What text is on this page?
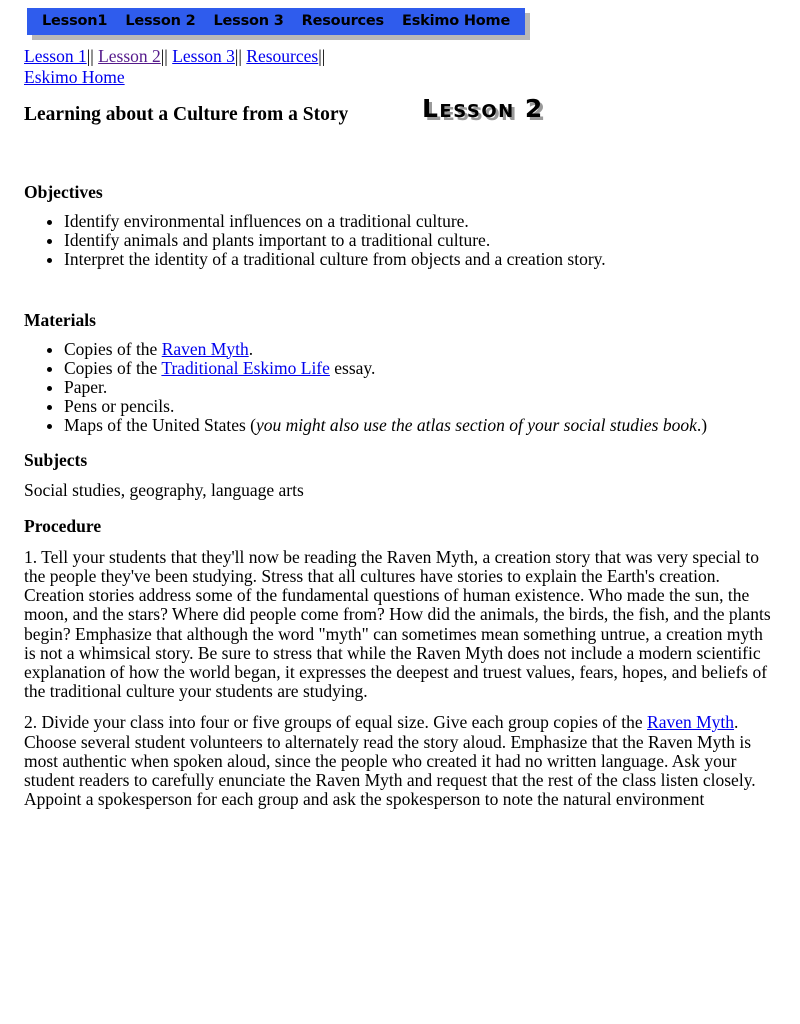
Lesson1	Lesson 2	Lesson 3	Resources	Eskimo Home
Lesson 1|| Lesson 2|| Lesson 3|| Resources|| Eskimo Home
Lesson 2
Learning about a Culture from a Story
Objectives
• Identify environmental influences on a traditional culture.
• Identify animals and plants important to a traditional culture.
• Interpret the identity of a traditional culture from objects and a creation story.
Materials
• Copies of the Raven Myth.
• Copies of the Traditional Eskimo Life essay.
• Paper.
• Pens or pencils.
• Maps of the United States (you might also use the atlas section of your social studies book.)
Subjects

Social studies, geography, language arts

Procedure

1. Tell your students that they'll now be reading the Raven Myth, a creation story that was very special to the people they've been studying. Stress that all cultures have stories to explain the Earth's creation. Creation stories address some of the fundamental questions of human existence. Who made the sun, the moon, and the stars? Where did people come from? How did the animals, the birds, the fish, and the plants begin? Emphasize that although the word "myth" can sometimes mean something untrue, a creation myth is not a whimsical story. Be sure to stress that while the Raven Myth does not include a modern scientific explanation of how the world began, it expresses the deepest and truest values, fears, hopes, and beliefs of the traditional culture your students are studying.

2. Divide your class into four or five groups of equal size. Give each group copies of the Raven Myth. Choose several student volunteers to alternately read the story aloud. Emphasize that the Raven Myth is most authentic when spoken aloud, since the people who created it had no written language. Ask your student readers to carefully enunciate the Raven Myth and request that the rest of the class listen closely. Appoint a spokesperson for each group and ask the spokesperson to note the natural environment
